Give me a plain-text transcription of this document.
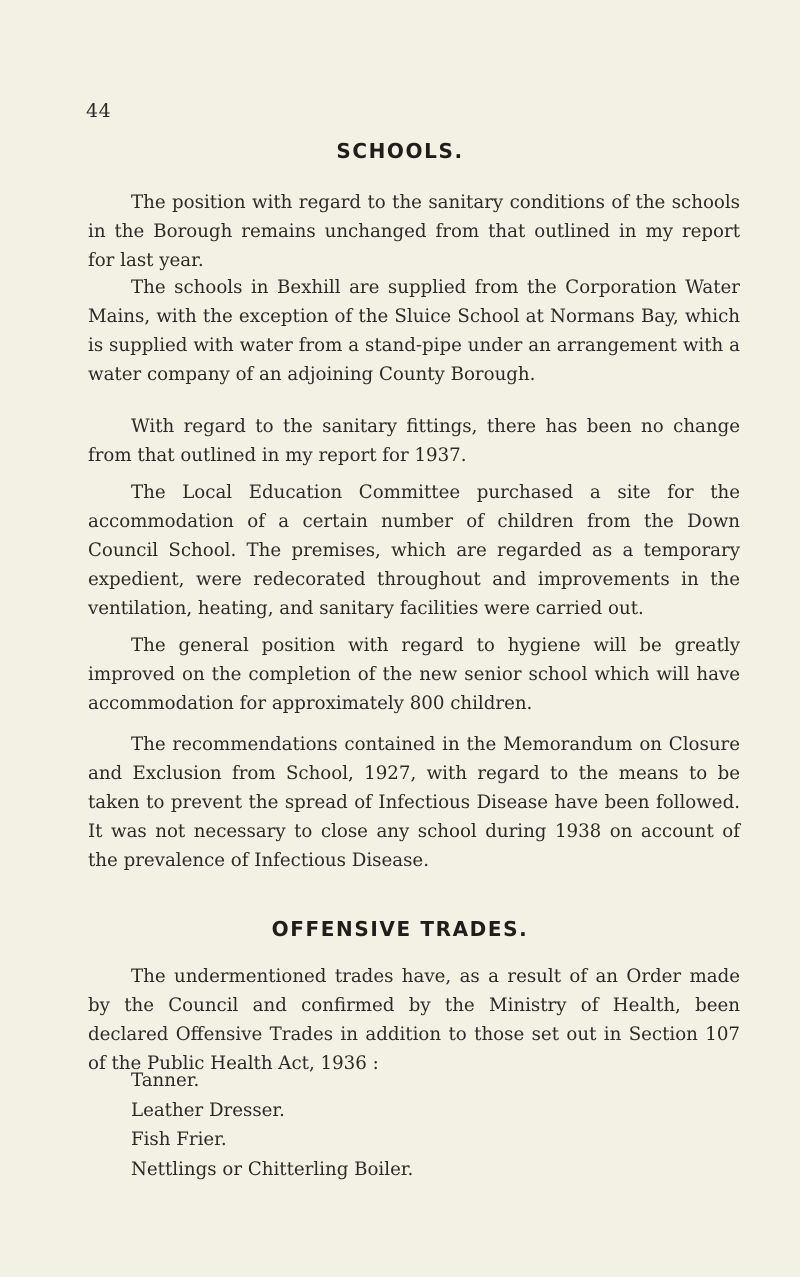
44
SCHOOLS.

The position with regard to the sanitary conditions of the schools in the Borough remains unchanged from that outlined in my report for last year.

The schools in Bexhill are supplied from the Corporation Water Mains, with the exception of the Sluice School at Normans Bay, which is supplied with water from a stand-pipe under an arrangement with a water company of an adjoining County Borough.

With regard to the sanitary fittings, there has been no change from that outlined in my report for 1937.

The Local Education Committee purchased a site for the accommodation of a certain number of children from the Down Council School. The premises, which are regarded as a temporary expedient, were redecorated throughout and improvements in the ventilation, heating, and sanitary facilities were carried out.

The general position with regard to hygiene will be greatly improved on the completion of the new senior school which will have accommodation for approximately 800 children.

The recommendations contained in the Memorandum on Closure and Exclusion from School, 1927, with regard to the means to be taken to prevent the spread of Infectious Disease have been followed. It was not necessary to close any school during 1938 on account of the prevalence of Infectious Disease.

OFFENSIVE TRADES.

The undermentioned trades have, as a result of an Order made by the Council and confirmed by the Ministry of Health, been declared Offensive Trades in addition to those set out in Section 107 of the Public Health Act, 1936 :

Tanner.
Leather Dresser.
Fish Frier.
Nettlings or Chitterling Boiler.
